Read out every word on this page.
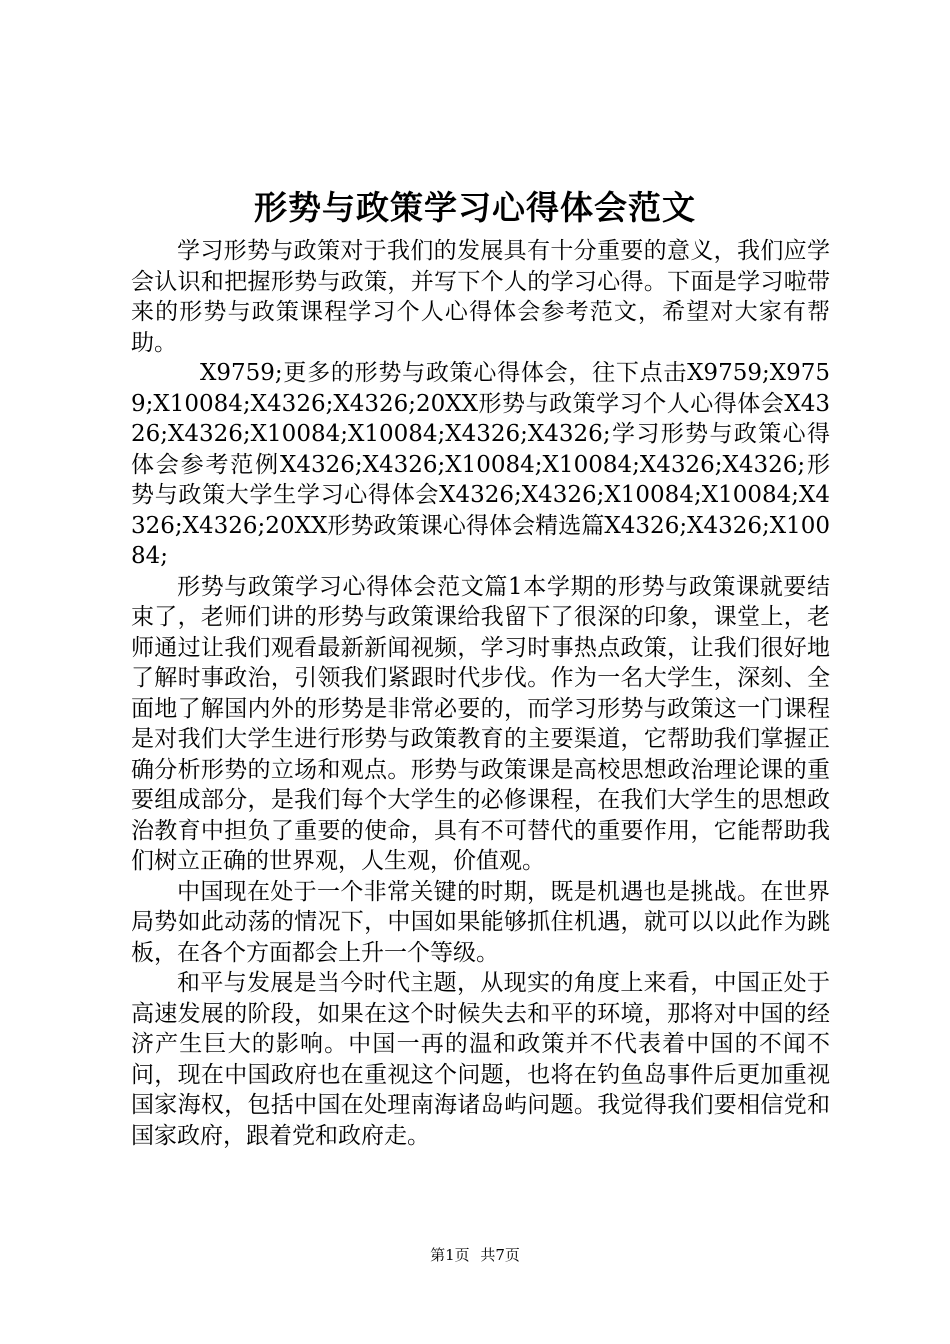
形势与政策学习心得体会范文

学习形势与政策对于我们的发展具有十分重要的意义，我们应学会认识和把握形势与政策，并写下个人的学习心得。下面是学习啦带来的形势与政策课程学习个人心得体会参考范文，希望对大家有帮助。

X9759;更多的形势与政策心得体会，往下点击X9759;X9759;X10084;X4326;X4326;20XX形势与政策学习个人心得体会X4326;X4326;X10084;X10084;X4326;X4326;学习形势与政策心得体会参考范例X4326;X4326;X10084;X10084;X4326;X4326;形势与政策大学生学习心得体会X4326;X4326;X10084;X10084;X4326;X4326;20XX形势政策课心得体会精选篇X4326;X4326;X10084;

形势与政策学习心得体会范文篇1本学期的形势与政策课就要结束了，老师们讲的形势与政策课给我留下了很深的印象，课堂上，老师通过让我们观看最新新闻视频，学习时事热点政策，让我们很好地了解时事政治，引领我们紧跟时代步伐。作为一名大学生，深刻、全面地了解国内外的形势是非常必要的，而学习形势与政策这一门课程是对我们大学生进行形势与政策教育的主要渠道，它帮助我们掌握正确分析形势的立场和观点。形势与政策课是高校思想政治理论课的重要组成部分，是我们每个大学生的必修课程，在我们大学生的思想政治教育中担负了重要的使命，具有不可替代的重要作用，它能帮助我们树立正确的世界观，人生观，价值观。

中国现在处于一个非常关键的时期，既是机遇也是挑战。在世界局势如此动荡的情况下，中国如果能够抓住机遇，就可以以此作为跳板，在各个方面都会上升一个等级。

和平与发展是当今时代主题，从现实的角度上来看，中国正处于高速发展的阶段，如果在这个时候失去和平的环境，那将对中国的经济产生巨大的影响。中国一再的温和政策并不代表着中国的不闻不问，现在中国政府也在重视这个问题，也将在钓鱼岛事件后更加重视国家海权，包括中国在处理南海诸岛屿问题。我觉得我们要相信党和国家政府，跟着党和政府走。

第1页 共7页
